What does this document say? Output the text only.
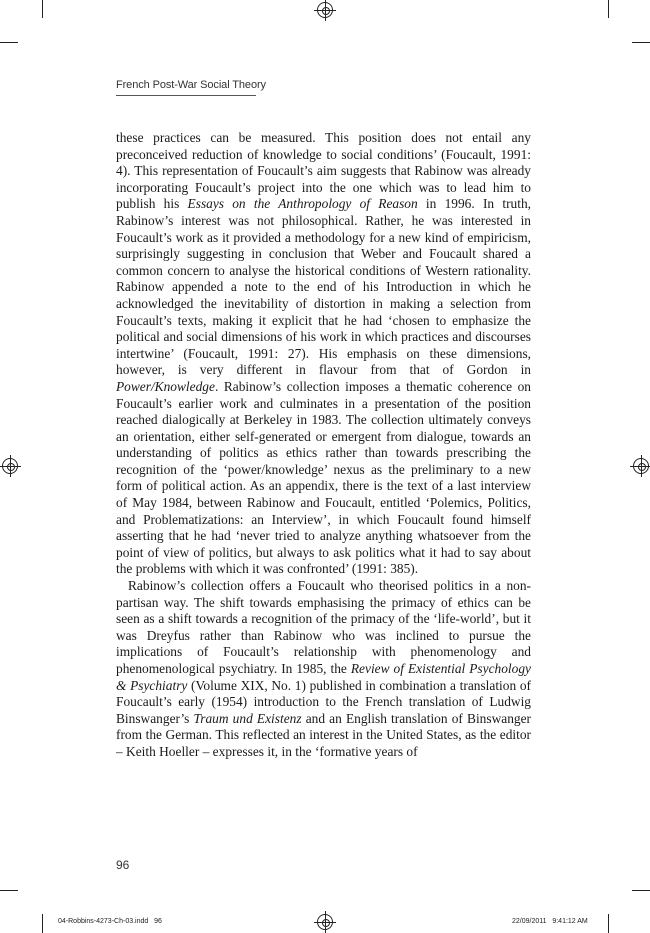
French Post-War Social Theory

these practices can be measured. This position does not entail any preconceived reduction of knowledge to social conditions’ (Foucault, 1991: 4). This representation of Foucault’s aim suggests that Rabinow was already incorporating Foucault’s project into the one which was to lead him to publish his Essays on the Anthropology of Reason in 1996. In truth, Rabinow’s interest was not philosophical. Rather, he was interested in Foucault’s work as it provided a methodology for a new kind of empiricism, surprisingly suggesting in conclusion that Weber and Foucault shared a common concern to analyse the historical conditions of Western rationality. Rabinow appended a note to the end of his Introduction in which he acknowledged the inevitability of distortion in making a selection from Foucault’s texts, making it explicit that he had ‘chosen to emphasize the political and social dimensions of his work in which practices and discourses intertwine’ (Foucault, 1991: 27). His emphasis on these dimensions, however, is very different in flavour from that of Gordon in Power/Knowledge. Rabinow’s collection imposes a thematic coherence on Foucault’s earlier work and culminates in a presentation of the position reached dialogically at Berkeley in 1983. The collection ultimately conveys an orientation, either self-generated or emergent from dialogue, towards an understanding of politics as ethics rather than towards prescribing the recognition of the ‘power/knowledge’ nexus as the preliminary to a new form of political action. As an appendix, there is the text of a last interview of May 1984, between Rabinow and Foucault, entitled ‘Polemics, Politics, and Problematizations: an Interview’, in which Foucault found himself asserting that he had ‘never tried to analyze anything whatsoever from the point of view of politics, but always to ask politics what it had to say about the problems with which it was confronted’ (1991: 385).

Rabinow’s collection offers a Foucault who theorised politics in a non-partisan way. The shift towards emphasising the primacy of ethics can be seen as a shift towards a recognition of the primacy of the ‘life-world’, but it was Dreyfus rather than Rabinow who was inclined to pursue the implications of Foucault’s relationship with phenomenology and phenomenological psychiatry. In 1985, the Review of Existential Psychology & Psychiatry (Volume XIX, No. 1) published in combination a translation of Foucault’s early (1954) introduction to the French translation of Ludwig Binswanger’s Traum und Existenz and an English translation of Binswanger from the German. This reflected an interest in the United States, as the editor – Keith Hoeller – expresses it, in the ‘formative years of

96
04-Robbins-4273-Ch-03.indd   96	22/09/2011   9:41:12 AM
